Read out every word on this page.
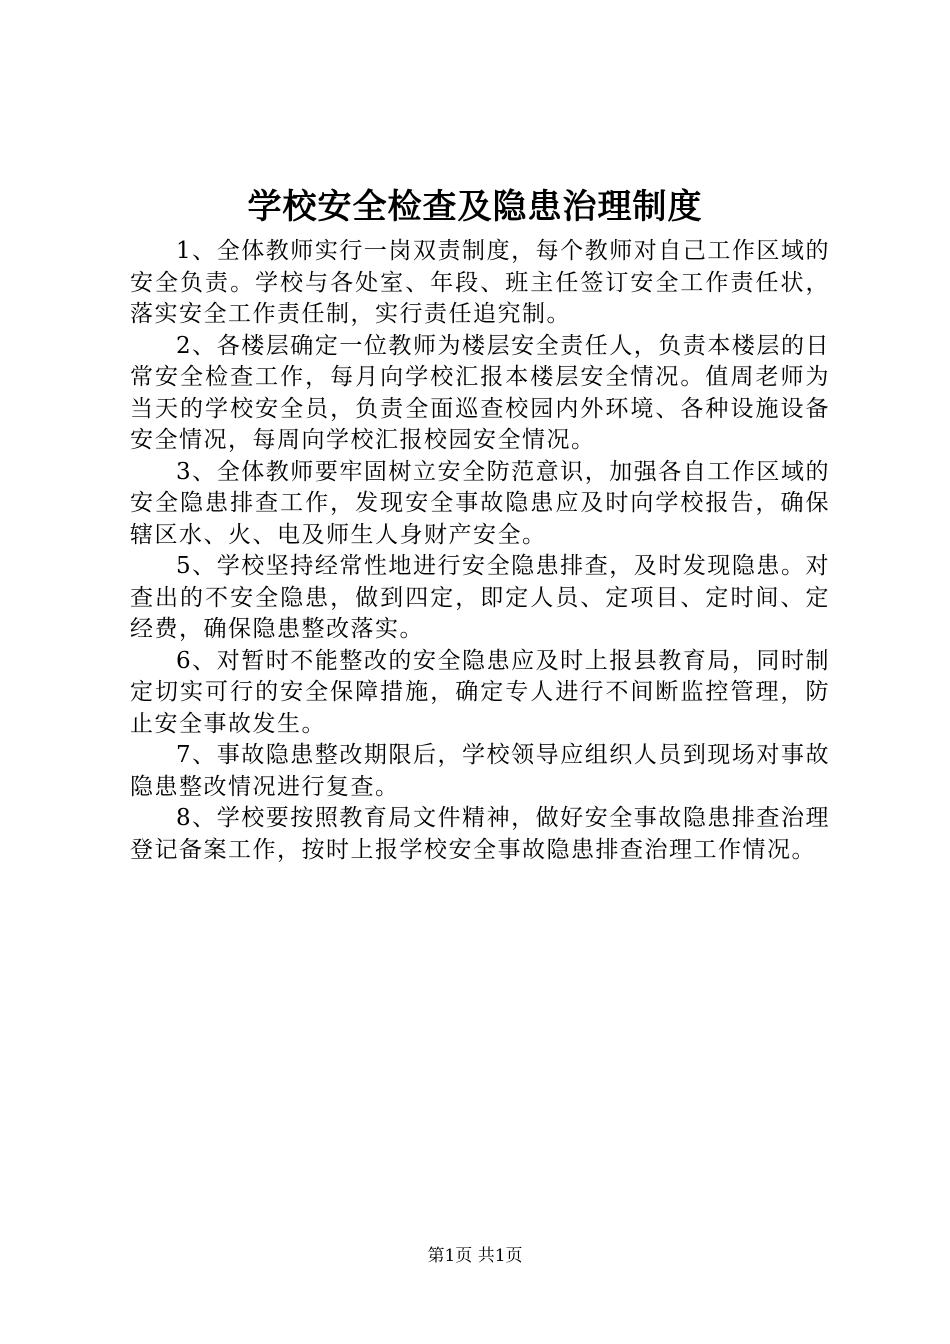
学校安全检查及隐患治理制度

1、全体教师实行一岗双责制度，每个教师对自己工作区域的安全负责。学校与各处室、年段、班主任签订安全工作责任状，落实安全工作责任制，实行责任追究制。

2、各楼层确定一位教师为楼层安全责任人，负责本楼层的日常安全检查工作，每月向学校汇报本楼层安全情况。值周老师为当天的学校安全员，负责全面巡查校园内外环境、各种设施设备安全情况，每周向学校汇报校园安全情况。

3、全体教师要牢固树立安全防范意识，加强各自工作区域的安全隐患排查工作，发现安全事故隐患应及时向学校报告，确保辖区水、火、电及师生人身财产安全。

5、学校坚持经常性地进行安全隐患排查，及时发现隐患。对查出的不安全隐患，做到四定，即定人员、定项目、定时间、定经费，确保隐患整改落实。

6、对暂时不能整改的安全隐患应及时上报县教育局，同时制定切实可行的安全保障措施，确定专人进行不间断监控管理，防止安全事故发生。

7、事故隐患整改期限后，学校领导应组织人员到现场对事故隐患整改情况进行复查。

8、学校要按照教育局文件精神，做好安全事故隐患排查治理登记备案工作，按时上报学校安全事故隐患排查治理工作情况。

第1页 共1页
